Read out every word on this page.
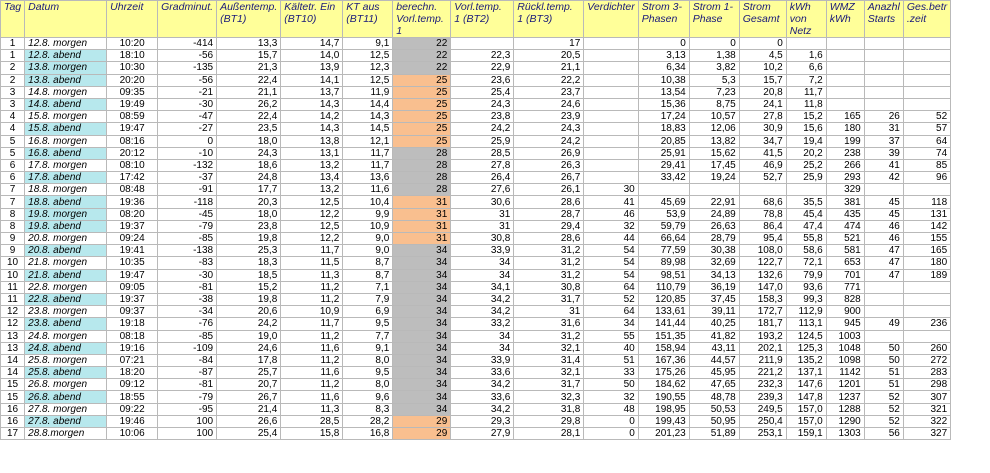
Tag	Datum	Uhrzeit	Gradminut.	Außentemp. (BT1)	Kältetr. Ein (BT10)	KT aus (BT11)	berechn. Vorl.temp. 1	Vorl.temp. 1 (BT2)	Rückl.temp. 1 (BT3)	Verdichter	Strom 3-Phasen	Strom 1-Phase	Strom Gesamt	kWh von Netz	WMZ kWh	Anazhl Starts	Ges.betr .zeit
1	12.8. morgen	10:20	-414	13,3	14,7	9,1	22		17		0	0	0				
1	12.8. abend	18:10	-56	15,7	14,0	12,5	22	22,3	20,5		3,13	1,38	4,5	1,6			
2	13.8. morgen	10:30	-135	21,3	13,9	12,3	22	22,9	21,1		6,34	3,82	10,2	6,6			
2	13.8. abend	20:20	-56	22,4	14,1	12,5	25	23,6	22,2		10,38	5,3	15,7	7,2			
3	14.8. morgen	09:35	-21	21,1	13,7	11,9	25	25,4	23,7		13,54	7,23	20,8	11,7			
3	14.8. abend	19:49	-30	26,2	14,3	14,4	25	24,3	24,6		15,36	8,75	24,1	11,8			
4	15.8. morgen	08:59	-47	22,4	14,2	14,3	25	23,8	23,9		17,24	10,57	27,8	15,2	165	26	52
4	15.8. abend	19:47	-27	23,5	14,3	14,5	25	24,2	24,3		18,83	12,06	30,9	15,6	180	31	57
5	16.8. morgen	08:16	0	18,0	13,8	12,1	25	25,9	24,2		20,85	13,82	34,7	19,4	199	37	64
5	16.8. abend	20:12	-10	24,3	13,1	11,7	28	28,5	26,9		25,91	15,62	41,5	20,2	238	39	74
6	17.8. morgen	08:10	-132	18,6	13,2	11,7	28	27,8	26,3		29,41	17,45	46,9	25,2	266	41	85
6	17.8. abend	17:42	-37	24,8	13,4	13,6	28	26,4	26,7		33,42	19,24	52,7	25,9	293	42	96
7	18.8. morgen	08:48	-91	17,7	13,2	11,6	28	27,6	26,1	30					329		
7	18.8. abend	19:36	-118	20,3	12,5	10,4	31	30,6	28,6	41	45,69	22,91	68,6	35,5	381	45	118
8	19.8. morgen	08:20	-45	18,0	12,2	9,9	31	31	28,7	46	53,9	24,89	78,8	45,4	435	45	131
8	19.8. abend	19:37	-79	23,8	12,5	10,9	31	31	29,4	32	59,79	26,63	86,4	47,4	474	46	142
9	20.8. morgen	09:24	-85	19,8	12,2	9,0	31	30,8	28,6	44	66,64	28,79	95,4	55,8	521	46	155
9	20.8. abend	19:41	-138	25,3	11,7	9,0	34	33,9	31,2	54	77,59	30,38	108,0	58,6	581	47	165
10	21.8. morgen	10:35	-83	18,3	11,5	8,7	34	34	31,2	54	89,98	32,69	122,7	72,1	653	47	180
10	21.8. abend	19:47	-30	18,5	11,3	8,7	34	34	31,2	54	98,51	34,13	132,6	79,9	701	47	189
11	22.8. morgen	09:05	-81	15,2	11,2	7,1	34	34,1	30,8	64	110,79	36,19	147,0	93,6	771		
11	22.8. abend	19:37	-38	19,8	11,2	7,9	34	34,2	31,7	52	120,85	37,45	158,3	99,3	828		
12	23.8. morgen	09:37	-34	20,6	10,9	6,9	34	34,2	31	64	133,61	39,11	172,7	112,9	900		
12	23.8. abend	19:18	-76	24,2	11,7	9,5	34	33,2	31,6	34	141,44	40,25	181,7	113,1	945	49	236
13	24.8. morgen	08:18	-85	19,0	11,2	7,7	34	34	31,2	55	151,35	41,82	193,2	124,5	1003		
13	24.8. abend	19:16	-109	24,6	11,6	9,1	34	34	32,1	40	158,94	43,11	202,1	125,3	1048	50	260
14	25.8. morgen	07:21	-84	17,8	11,2	8,0	34	33,9	31,4	51	167,36	44,57	211,9	135,2	1098	50	272
14	25.8. abend	18:20	-87	25,7	11,6	9,5	34	33,6	32,1	33	175,26	45,95	221,2	137,1	1142	51	283
15	26.8. morgen	09:12	-81	20,7	11,2	8,0	34	34,2	31,7	50	184,62	47,65	232,3	147,6	1201	51	298
15	26.8. abend	18:55	-79	26,7	11,6	9,6	34	33,6	32,3	32	190,55	48,78	239,3	147,8	1237	52	307
16	27.8. morgen	09:22	-95	21,4	11,3	8,3	34	34,2	31,8	48	198,95	50,53	249,5	157,0	1288	52	321
16	27.8. abend	19:46	100	26,6	28,5	28,2	29	29,3	29,8	0	199,43	50,95	250,4	157,0	1290	52	322
17	28.8.morgen	10:06	100	25,4	15,8	16,8	29	27,9	28,1	0	201,23	51,89	253,1	159,1	1303	56	327
